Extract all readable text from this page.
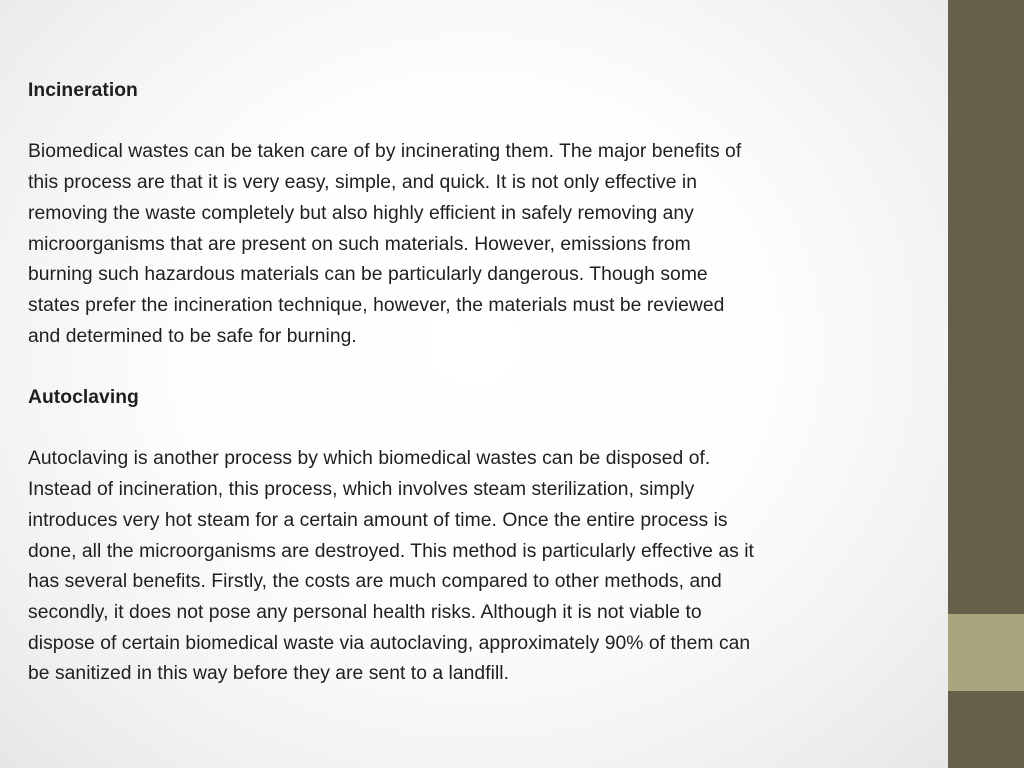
Incineration

Biomedical wastes can be taken care of by incinerating them. The major benefits of
this process are that it is very easy, simple, and quick. It is not only effective in
removing the waste completely but also highly efficient in safely removing any
microorganisms that are present on such materials. However, emissions from
burning such hazardous materials can be particularly dangerous. Though some
states prefer the incineration technique, however, the materials must be reviewed
and determined to be safe for burning.

Autoclaving

Autoclaving is another process by which biomedical wastes can be disposed of.
Instead of incineration, this process, which involves steam sterilization, simply
introduces very hot steam for a certain amount of time. Once the entire process is
done, all the microorganisms are destroyed. This method is particularly effective as it
has several benefits. Firstly, the costs are much compared to other methods, and
secondly, it does not pose any personal health risks. Although it is not viable to
dispose of certain biomedical waste via autoclaving, approximately 90% of them can
be sanitized in this way before they are sent to a landfill.
